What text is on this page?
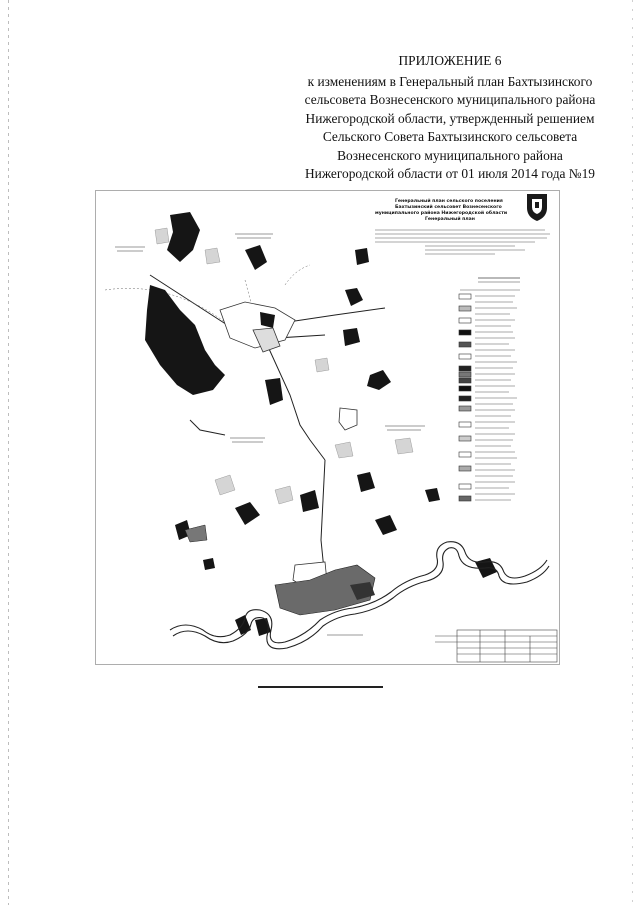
ПРИЛОЖЕНИЕ 6
к изменениям в Генеральный план Бахтызинского
сельсовета Вознесенского муниципального района
Нижегородской области, утвержденный решением
Сельского Совета Бахтызинского сельсовета
Вознесенского муниципального района
Нижегородской области от 01 июля 2014 года №19
Генеральный план сельского поселения
Бахтызинский сельсовет Вознесенского
муниципального района Нижегородской области
Генеральный план
